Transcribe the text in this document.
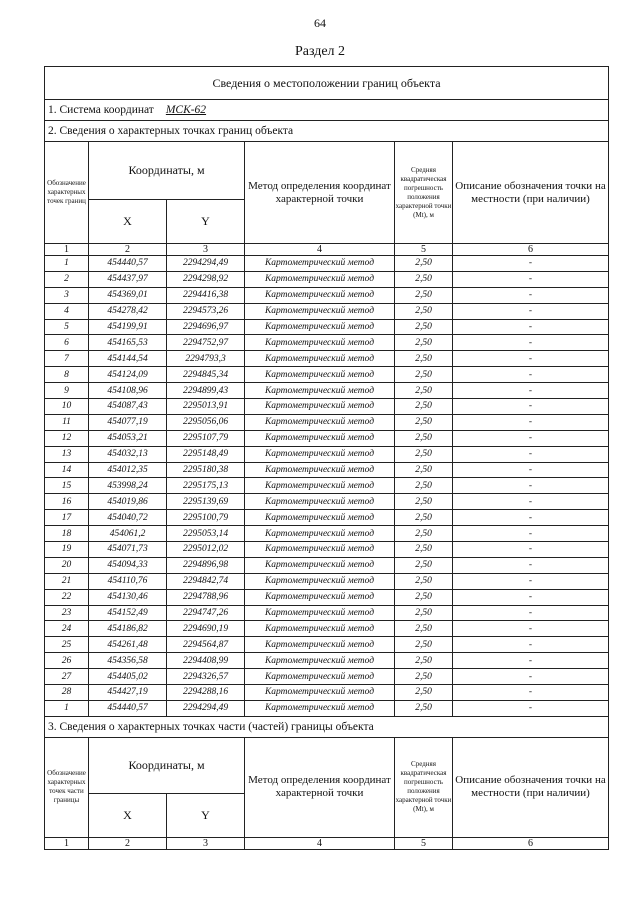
64
Раздел 2
Сведения о местоположении границ объекта					
1. Система координат МСК-62					
2. Сведения о характерных точках границ объекта					
Обозначение характерных точек границ	Координаты, м		Метод определения координат характерной точки	Средняя квадратическая погрешность положения характерной точки (Mt), м	Описание обозначения точки на местности (при наличии)
	X	Y			
1	2	3	4	5	6
1	454440,57	2294294,49	Картометрический метод	2,50	-
2	454437,97	2294298,92	Картометрический метод	2,50	-
3	454369,01	2294416,38	Картометрический метод	2,50	-
4	454278,42	2294573,26	Картометрический метод	2,50	-
5	454199,91	2294696,97	Картометрический метод	2,50	-
6	454165,53	2294752,97	Картометрический метод	2,50	-
7	454144,54	2294793,3	Картометрический метод	2,50	-
8	454124,09	2294845,34	Картометрический метод	2,50	-
9	454108,96	2294899,43	Картометрический метод	2,50	-
10	454087,43	2295013,91	Картометрический метод	2,50	-
11	454077,19	2295056,06	Картометрический метод	2,50	-
12	454053,21	2295107,79	Картометрический метод	2,50	-
13	454032,13	2295148,49	Картометрический метод	2,50	-
14	454012,35	2295180,38	Картометрический метод	2,50	-
15	453998,24	2295175,13	Картометрический метод	2,50	-
16	454019,86	2295139,69	Картометрический метод	2,50	-
17	454040,72	2295100,79	Картометрический метод	2,50	-
18	454061,2	2295053,14	Картометрический метод	2,50	-
19	454071,73	2295012,02	Картометрический метод	2,50	-
20	454094,33	2294896,98	Картометрический метод	2,50	-
21	454110,76	2294842,74	Картометрический метод	2,50	-
22	454130,46	2294788,96	Картометрический метод	2,50	-
23	454152,49	2294747,26	Картометрический метод	2,50	-
24	454186,82	2294690,19	Картометрический метод	2,50	-
25	454261,48	2294564,87	Картометрический метод	2,50	-
26	454356,58	2294408,99	Картометрический метод	2,50	-
27	454405,02	2294326,57	Картометрический метод	2,50	-
28	454427,19	2294288,16	Картометрический метод	2,50	-
1	454440,57	2294294,49	Картометрический метод	2,50	-
3. Сведения о характерных точках части (частей) границы объекта					
Обозначение характерных точек части границы	Координаты, м		Метод определения координат характерной точки	Средняя квадратическая погрешность положения характерной точки (Mt), м	Описание обозначения точки на местности (при наличии)
	X	Y			
1	2	3	4	5	6
